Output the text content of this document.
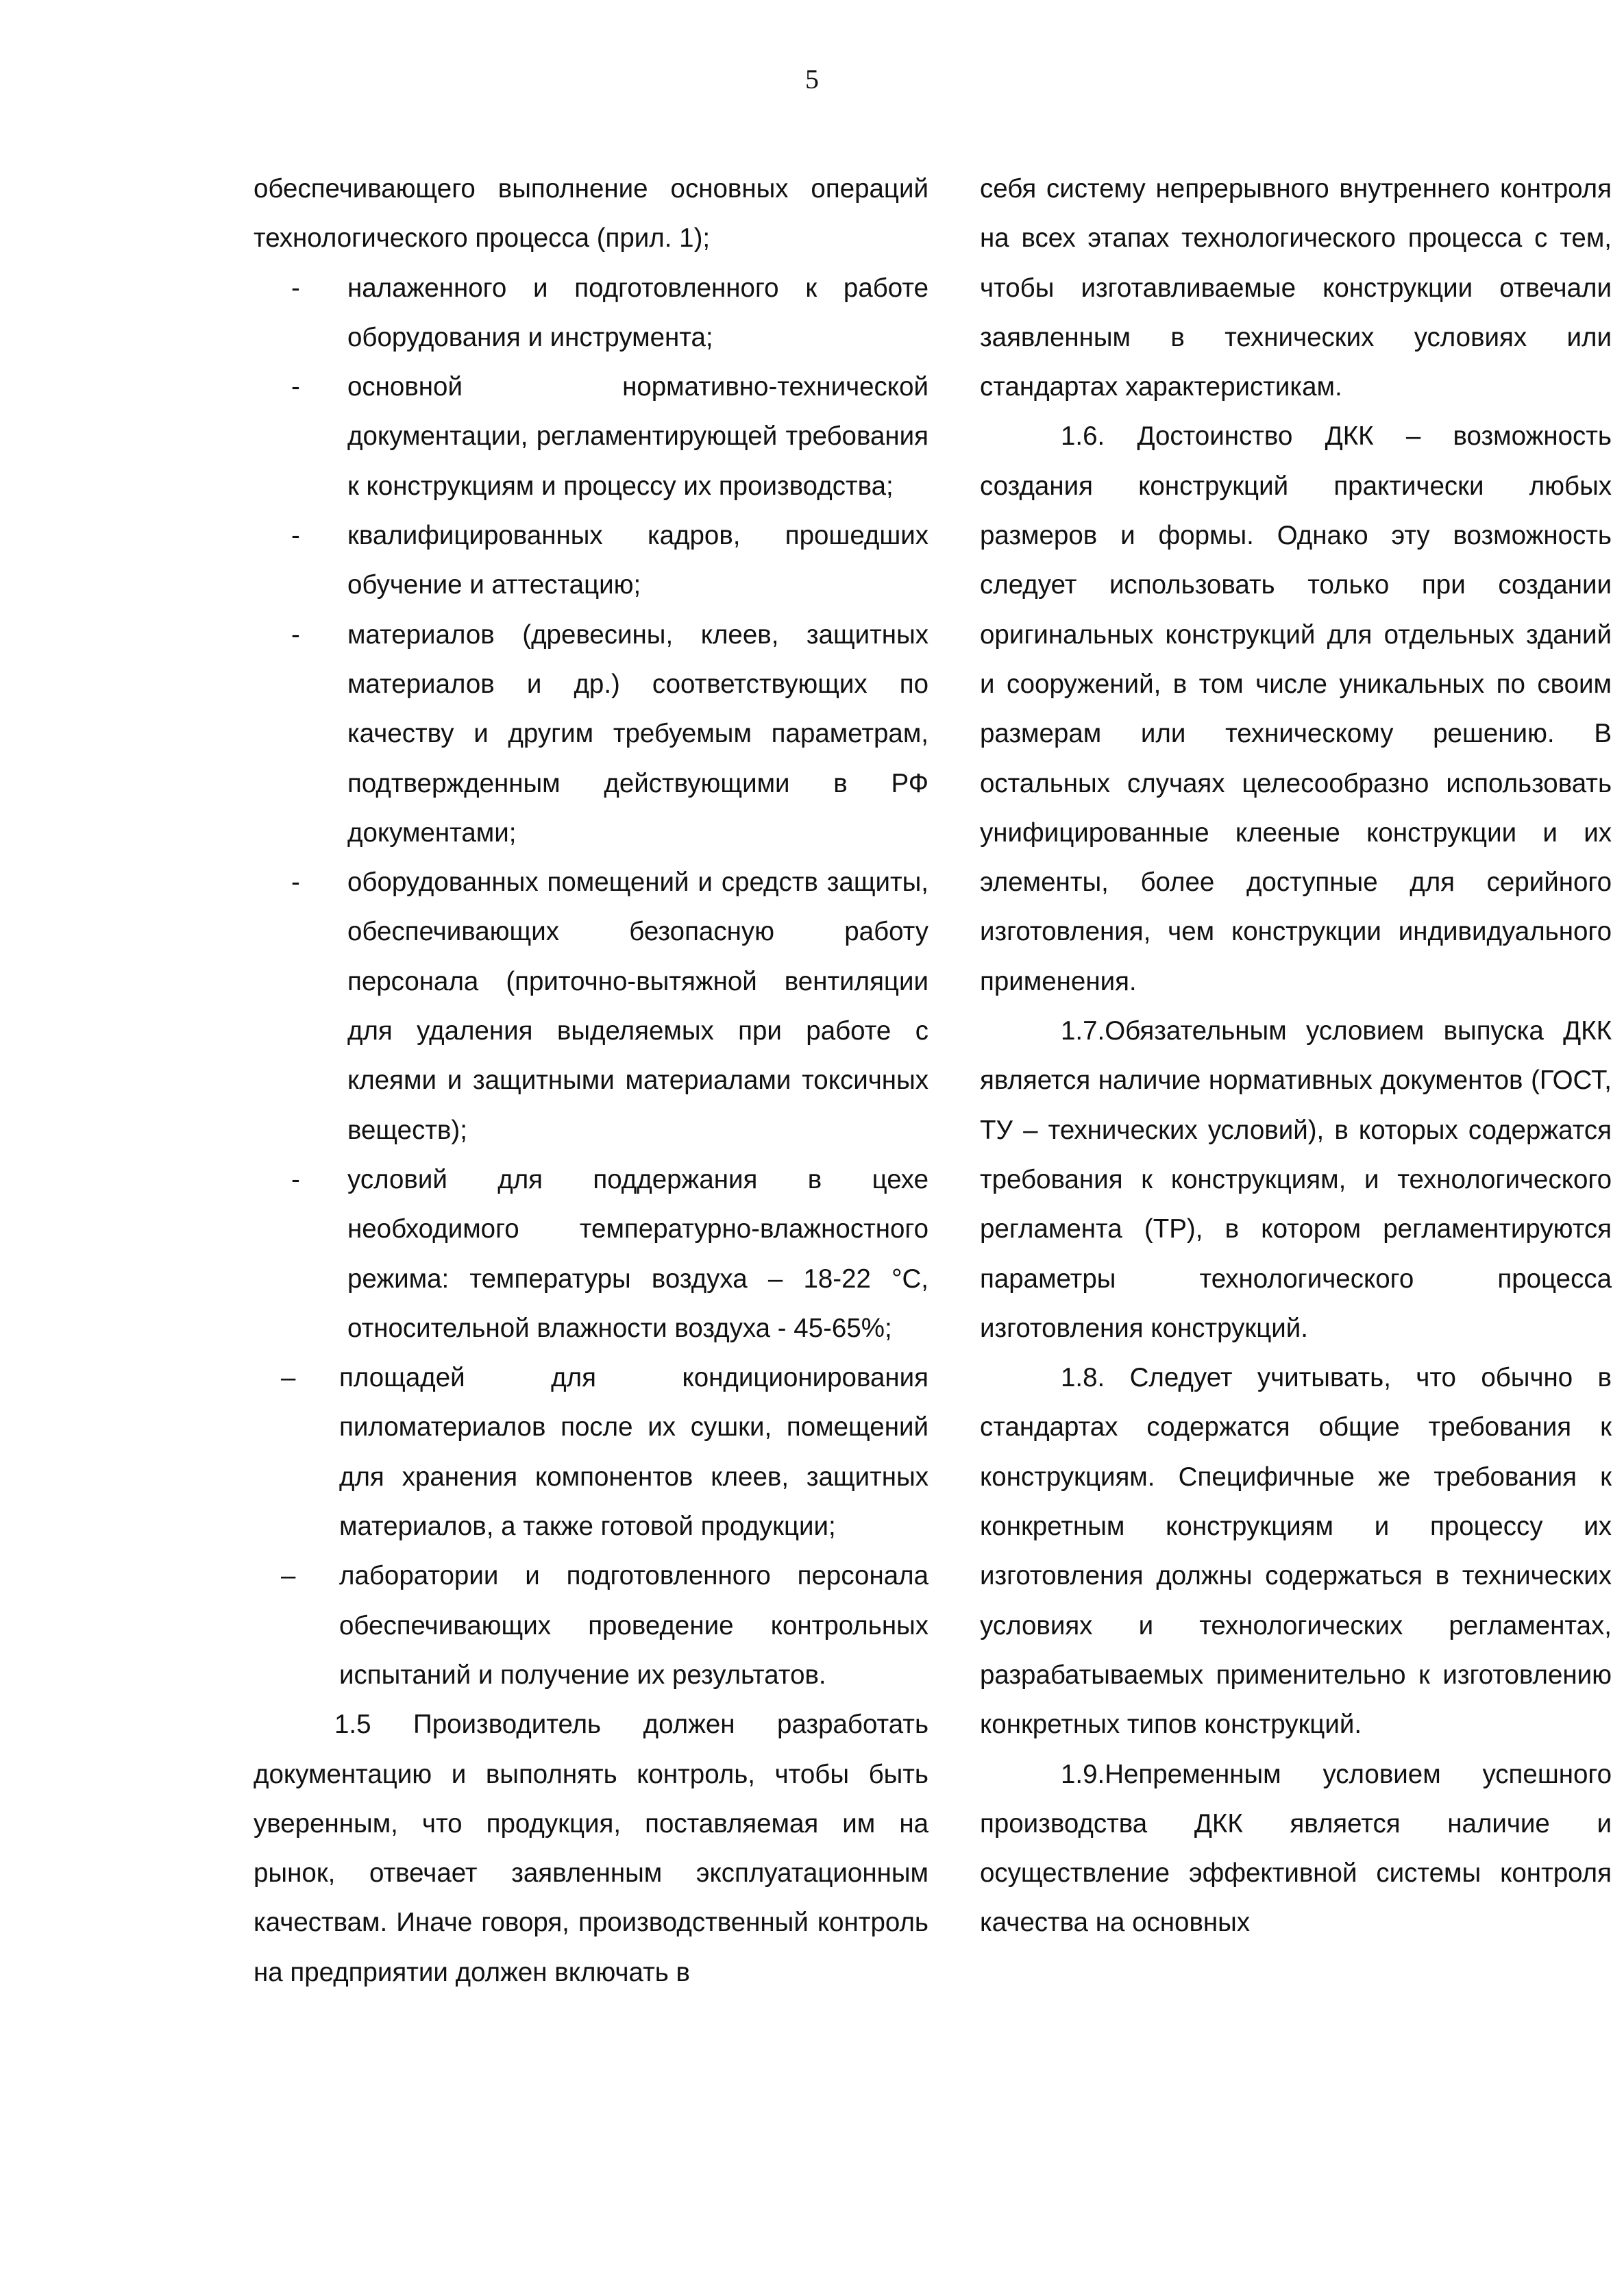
5

обеспечивающего выполнение основных операций технологического процесса (прил. 1);

- налаженного и подготовленного к работе оборудования и инструмента;
- основной нормативно-технической документации, регламентирующей требования к конструкциям и процессу их производства;
- квалифицированных кадров, прошедших обучение и аттестацию;
- материалов (древесины, клеев, защитных материалов и др.) соответствующих по качеству и другим требуемым параметрам, подтвержденным действующими в РФ документами;
- оборудованных помещений и средств защиты, обеспечивающих безопасную работу персонала (приточно-вытяжной вентиляции для удаления выделяемых при работе с клеями и защитными материалами токсичных веществ);
- условий для поддержания в цехе необходимого температурно-влажностного режима: температуры воздуха – 18-22 °С, относительной влажности воздуха - 45-65%;
– площадей для кондиционирования пиломатериалов после их сушки, помещений для хранения компонентов клеев, защитных материалов, а также готовой продукции;
– лаборатории и подготовленного персонала обеспечивающих проведение контрольных испытаний и получение их результатов.

1.5 Производитель должен разработать документацию и выполнять контроль, чтобы быть уверенным, что продукция, поставляемая им на рынок, отвечает заявленным эксплуатационным качествам. Иначе говоря, производственный контроль на предприятии должен включать в

себя систему непрерывного внутреннего контроля на всех этапах технологического процесса с тем, чтобы изготавливаемые конструкции отвечали заявленным в технических условиях или стандартах характеристикам.

1.6. Достоинство ДКК – возможность создания конструкций практически любых размеров и формы. Однако эту возможность следует использовать только при создании оригинальных конструкций для отдельных зданий и сооружений, в том числе уникальных по своим размерам или техническому решению. В остальных случаях целесообразно использовать унифицированные клееные конструкции и их элементы, более доступные для серийного изготовления, чем конструкции индивидуального применения.

1.7.Обязательным условием выпуска ДКК является наличие нормативных документов (ГОСТ, ТУ – технических условий), в которых содержатся требования к конструкциям, и технологического регламента (ТР), в котором регламентируются параметры технологического процесса изготовления конструкций.

1.8. Следует учитывать, что обычно в стандартах содержатся общие требования к конструкциям. Специфичные же требования к конкретным конструкциям и процессу их изготовления должны содержаться в технических условиях и технологических регламентах, разрабатываемых применительно к изготовлению конкретных типов конструкций.

1.9.Непременным условием успешного производства ДКК является наличие и осуществление эффективной системы контроля качества на основных
